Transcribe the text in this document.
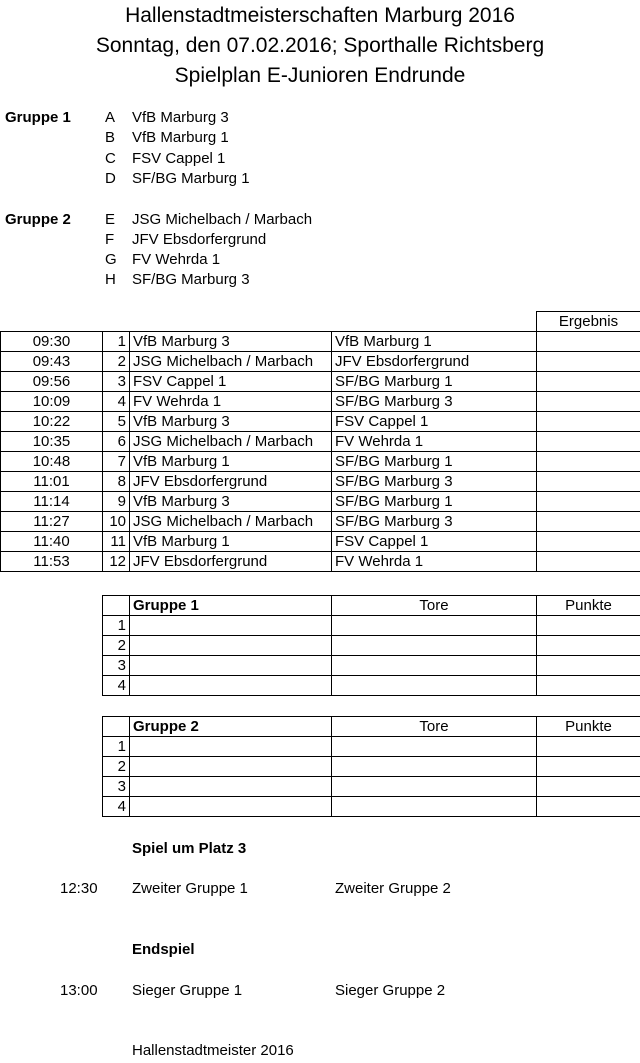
Hallenstadtmeisterschaften Marburg 2016
Sonntag, den 07.02.2016; Sporthalle Richtsberg
Spielplan E-Junioren Endrunde
Gruppe 1 A VfB Marburg 3
B VfB Marburg 1
C FSV Cappel 1
D SF/BG Marburg 1
Gruppe 2 E JSG Michelbach / Marbach
F JFV Ebsdorfergrund
G FV Wehrda 1
H SF/BG Marburg 3
				Ergebnis
09:30	1	VfB Marburg 3	VfB Marburg 1	
09:43	2	JSG Michelbach / Marbach	JFV Ebsdorfergrund	
09:56	3	FSV Cappel 1	SF/BG Marburg 1	
10:09	4	FV Wehrda 1	SF/BG Marburg 3	
10:22	5	VfB Marburg 3	FSV Cappel 1	
10:35	6	JSG Michelbach / Marbach	FV Wehrda 1	
10:48	7	VfB Marburg 1	SF/BG Marburg 1	
11:01	8	JFV Ebsdorfergrund	SF/BG Marburg 3	
11:14	9	VfB Marburg 3	SF/BG Marburg 1	
11:27	10	JSG Michelbach / Marbach	SF/BG Marburg 3	
11:40	11	VfB Marburg 1	FSV Cappel 1	
11:53	12	JFV Ebsdorfergrund	FV Wehrda 1	
	Gruppe 1	Tore	Punkte
1			
2			
3			
4			
	Gruppe 2	Tore	Punkte
1			
2			
3			
4			
Spiel um Platz 3
12:30 Zweiter Gruppe 1	Zweiter Gruppe 2
Endspiel
13:00 Sieger Gruppe 1	Sieger Gruppe 2
Hallenstadtmeister 2016
